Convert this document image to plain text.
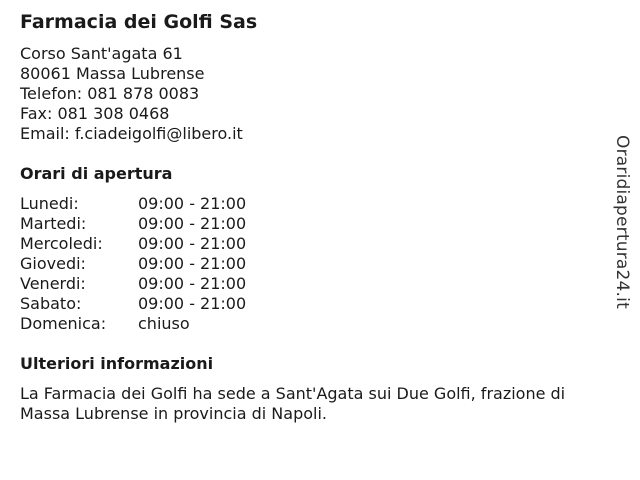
Farmacia dei Golfi Sas
Corso Sant'agata 61
80061 Massa Lubrense
Telefon: 081 878 0083
Fax: 081 308 0468
Email: f.ciadeigolfi@libero.it
Orari di apertura
Lunedi:	09:00 - 21:00
Martedi:	09:00 - 21:00
Mercoledi:	09:00 - 21:00
Giovedi:	09:00 - 21:00
Venerdi:	09:00 - 21:00
Sabato:	09:00 - 21:00
Domenica:	chiuso
Ulteriori informazioni

La Farmacia dei Golfi ha sede a Sant'Agata sui Due Golfi, frazione di Massa Lubrense in provincia di Napoli.

Oraridiapertura24.it
